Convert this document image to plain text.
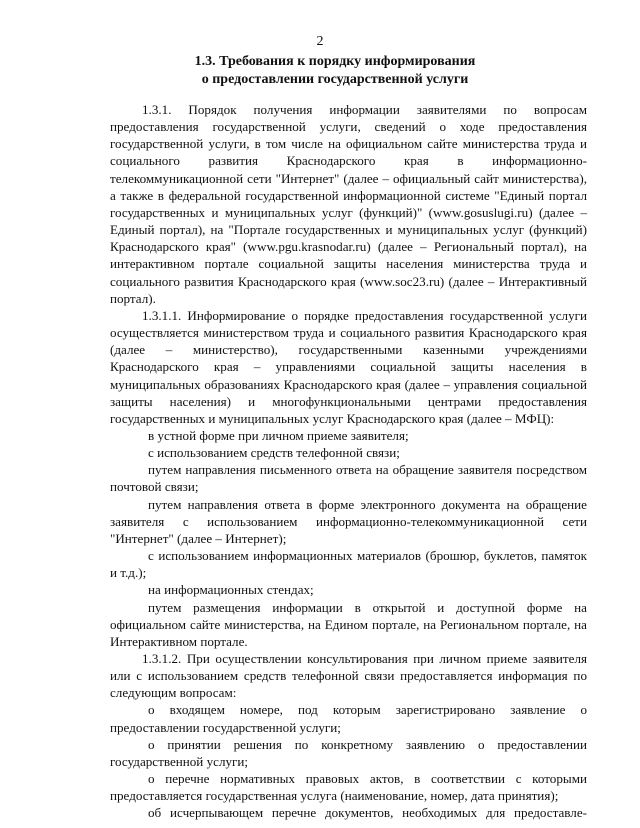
2
1.3. Требования к порядку информирования
о предоставлении государственной услуги

1.3.1. Порядок получения информации заявителями по вопросам предоставления государственной услуги, сведений о ходе предоставления государственной услуги, в том числе на официальном сайте министерства труда и социального развития Краснодарского края в информационно-телекоммуникационной сети "Интернет" (далее – официальный сайт министерства), а также в федеральной государственной информационной системе "Единый портал государственных и муниципальных услуг (функций)" (www.gosuslugi.ru) (далее – Единый портал), на "Портале государственных и муниципальных услуг (функций) Краснодарского края" (www.pgu.krasnodar.ru) (далее – Региональный портал), на интерактивном портале социальной защиты населения министерства труда и социального развития Краснодарского края (www.soc23.ru) (далее – Интерактивный портал).

1.3.1.1. Информирование о порядке предоставления государственной услуги осуществляется министерством труда и социального развития Краснодарского края (далее – министерство), государственными казенными учреждениями Краснодарского края – управлениями социальной защиты населения в муниципальных образованиях Краснодарского края (далее – управления социальной защиты населения) и многофункциональными центрами предоставления государственных и муниципальных услуг Краснодарского края (далее – МФЦ):

в устной форме при личном приеме заявителя;

с использованием средств телефонной связи;

путем направления письменного ответа на обращение заявителя посредством почтовой связи;

путем направления ответа в форме электронного документа на обращение заявителя с использованием информационно-телекоммуникационной сети "Интернет" (далее – Интернет);

с использованием информационных материалов (брошюр, буклетов, памяток и т.д.);

на информационных стендах;

путем размещения информации в открытой и доступной форме на официальном сайте министерства, на Едином портале, на Региональном портале, на Интерактивном портале.

1.3.1.2. При осуществлении консультирования при личном приеме заявителя или с использованием средств телефонной связи предоставляется информация по следующим вопросам:

о входящем номере, под которым зарегистрировано заявление о предоставлении государственной услуги;

о принятии решения по конкретному заявлению о предоставлении государственной услуги;

о перечне нормативных правовых актов, в соответствии с которыми предоставляется государственная услуга (наименование, номер, дата принятия);

об исчерпывающем перечне документов, необходимых для предоставле-
